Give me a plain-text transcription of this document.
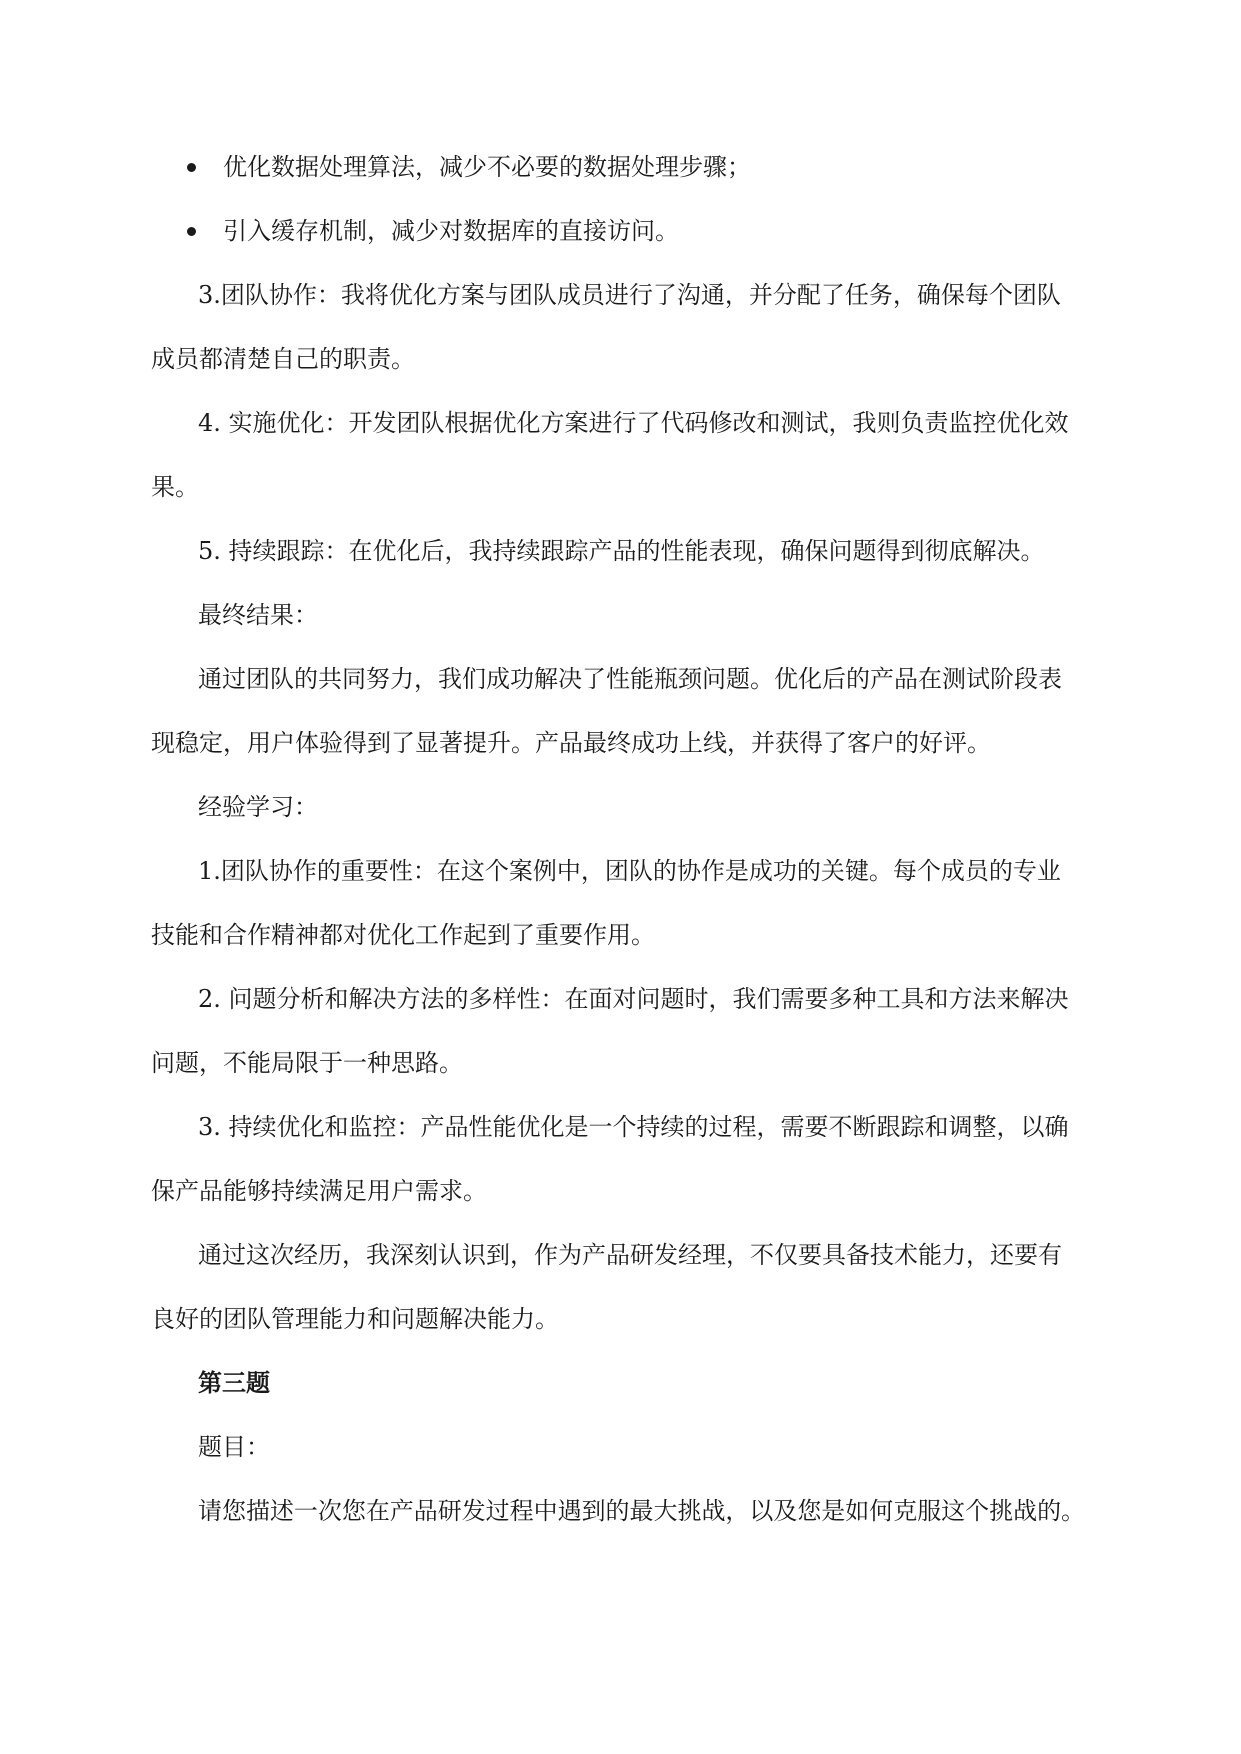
优化数据处理算法，减少不必要的数据处理步骤；
引入缓存机制，减少对数据库的直接访问。
3.团队协作：我将优化方案与团队成员进行了沟通，并分配了任务，确保每个团队
成员都清楚自己的职责。
4. 实施优化：开发团队根据优化方案进行了代码修改和测试，我则负责监控优化效
果。
5. 持续跟踪：在优化后，我持续跟踪产品的性能表现，确保问题得到彻底解决。
最终结果：
通过团队的共同努力，我们成功解决了性能瓶颈问题。优化后的产品在测试阶段表
现稳定，用户体验得到了显著提升。产品最终成功上线，并获得了客户的好评。
经验学习：
1.团队协作的重要性：在这个案例中，团队的协作是成功的关键。每个成员的专业
技能和合作精神都对优化工作起到了重要作用。
2. 问题分析和解决方法的多样性：在面对问题时，我们需要多种工具和方法来解决
问题，不能局限于一种思路。
3. 持续优化和监控：产品性能优化是一个持续的过程，需要不断跟踪和调整，以确
保产品能够持续满足用户需求。
通过这次经历，我深刻认识到，作为产品研发经理，不仅要具备技术能力，还要有
良好的团队管理能力和问题解决能力。
第三题
题目：
请您描述一次您在产品研发过程中遇到的最大挑战，以及您是如何克服这个挑战的。
